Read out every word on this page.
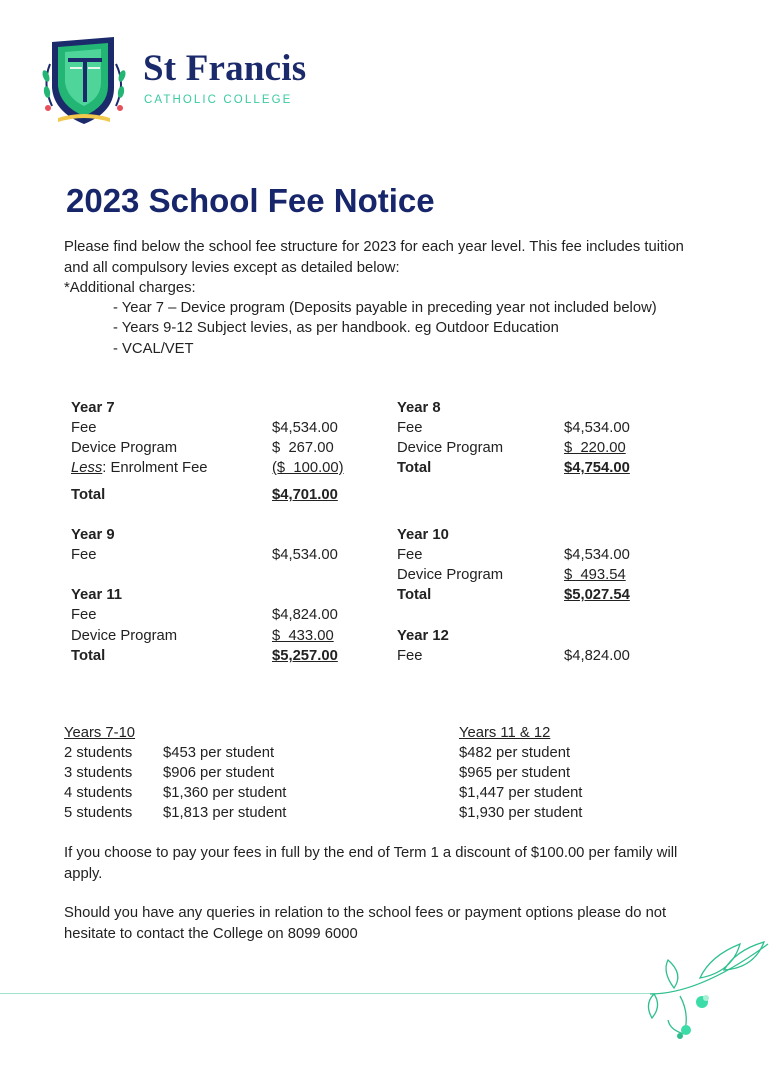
St Francis
CATHOLIC COLLEGE
2023 School Fee Notice
Please find below the school fee structure for 2023 for each year level. This fee includes tuition and all compulsory levies except as detailed below:
*Additional charges:
- Year 7 – Device program (Deposits payable in preceding year not included below)
- Years 9-12 Subject levies, as per handbook. eg Outdoor Education
- VCAL/VET
Year 7
Fee	$4,534.00
Device Program	$  267.00
Less: Enrolment Fee	($  100.00)
Total	$4,701.00
Year 8
Fee	$4,534.00
Device Program	$  220.00
Total	$4,754.00
Year 9
Fee	$4,534.00
Year 10
Fee	$4,534.00
Device Program	$  493.54
Total	$5,027.54
Year 11
Fee	$4,824.00
Device Program	$  433.00
Total	$5,257.00
Year 12
Fee	$4,824.00
Years 7-10	Years 11 & 12
2 students $453 per student	$482 per student
3 students $906 per student	$965 per student
4 students $1,360 per student	$1,447 per student
5 students $1,813 per student	$1,930 per student
If you choose to pay your fees in full by the end of Term 1 a discount of $100.00 per family will apply.
Should you have any queries in relation to the school fees or payment options please do not hesitate to contact the College on 8099 6000
